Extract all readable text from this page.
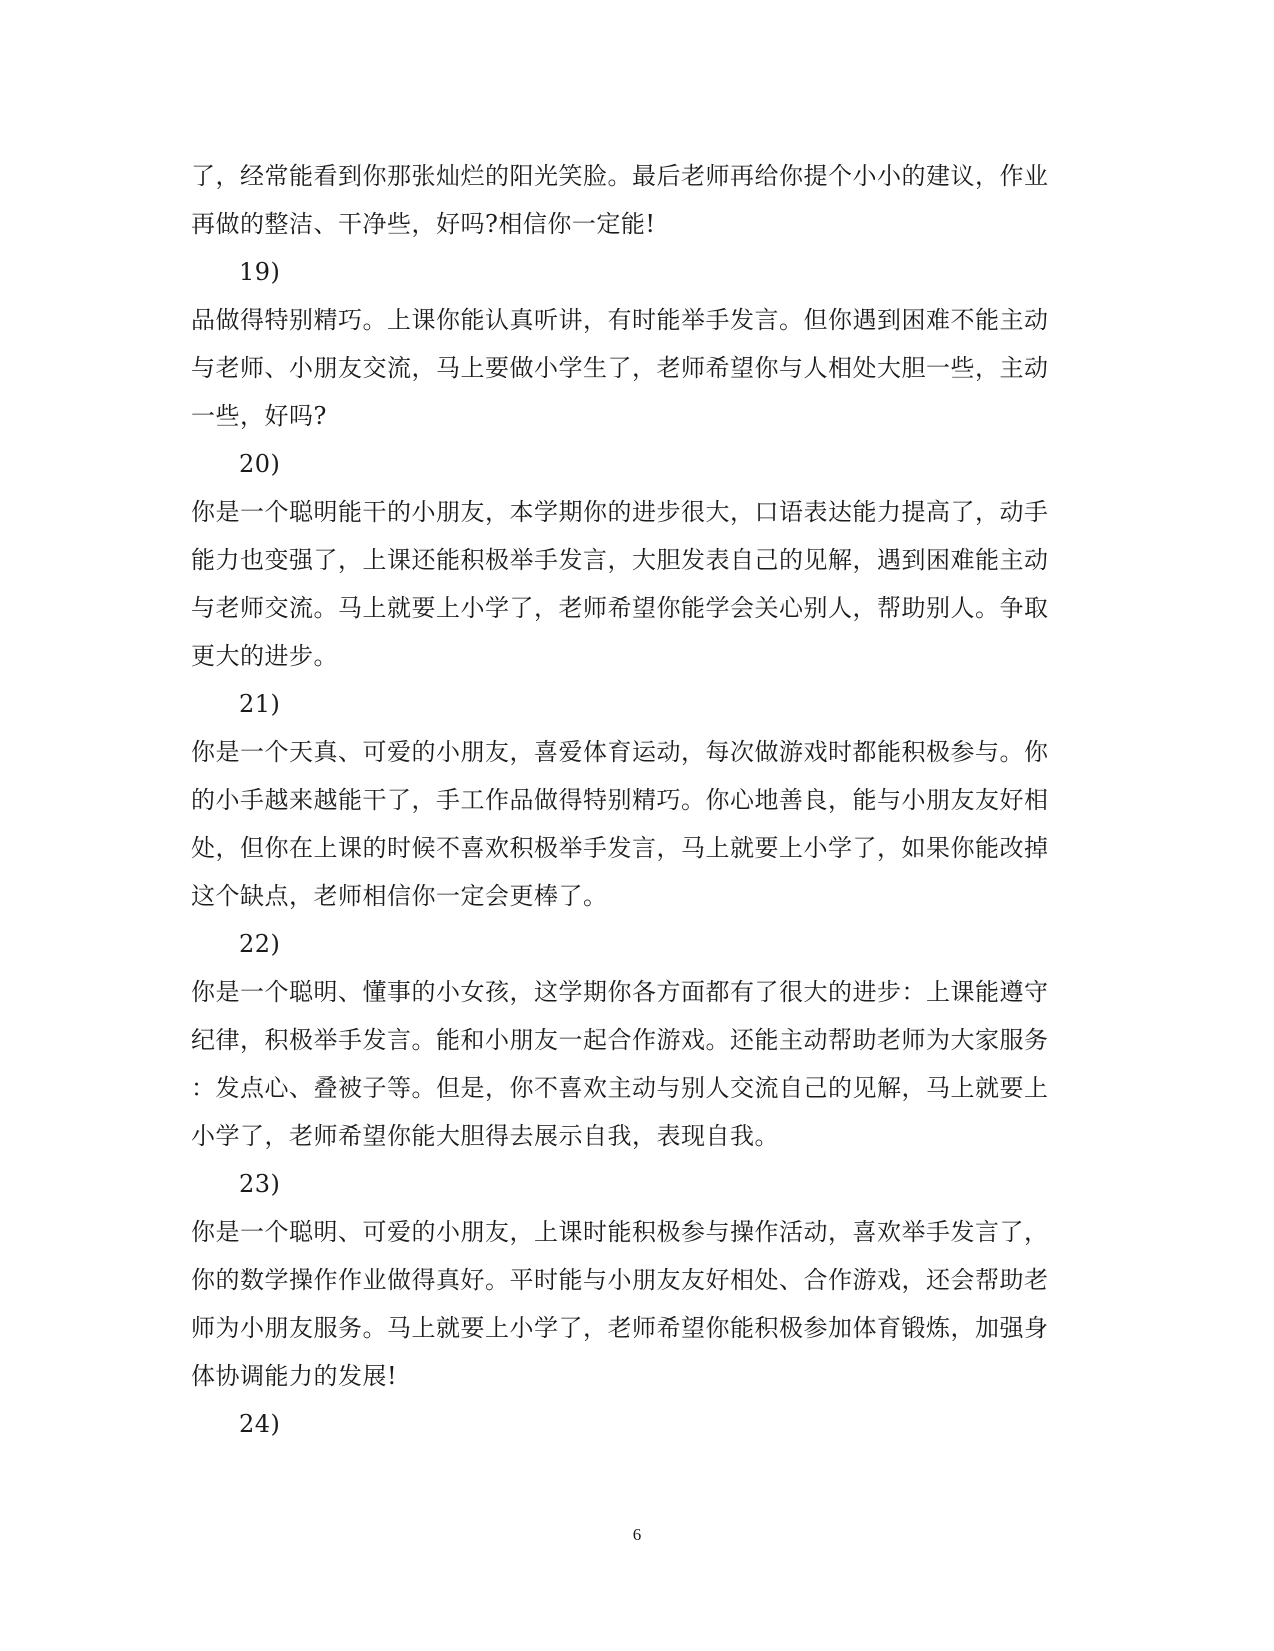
了，经常能看到你那张灿烂的阳光笑脸。最后老师再给你提个小小的建议，作业
再做的整洁、干净些，好吗?相信你一定能!
19)
品做得特别精巧。上课你能认真听讲，有时能举手发言。但你遇到困难不能主动
与老师、小朋友交流，马上要做小学生了，老师希望你与人相处大胆一些，主动
一些，好吗?
20)
你是一个聪明能干的小朋友，本学期你的进步很大，口语表达能力提高了，动手
能力也变强了，上课还能积极举手发言，大胆发表自己的见解，遇到困难能主动
与老师交流。马上就要上小学了，老师希望你能学会关心别人，帮助别人。争取
更大的进步。
21)
你是一个天真、可爱的小朋友，喜爱体育运动，每次做游戏时都能积极参与。你
的小手越来越能干了，手工作品做得特别精巧。你心地善良，能与小朋友友好相
处，但你在上课的时候不喜欢积极举手发言，马上就要上小学了，如果你能改掉
这个缺点，老师相信你一定会更棒了。
22)
你是一个聪明、懂事的小女孩，这学期你各方面都有了很大的进步：上课能遵守
纪律，积极举手发言。能和小朋友一起合作游戏。还能主动帮助老师为大家服务
：发点心、叠被子等。但是，你不喜欢主动与别人交流自己的见解，马上就要上
小学了，老师希望你能大胆得去展示自我，表现自我。
23)
你是一个聪明、可爱的小朋友，上课时能积极参与操作活动，喜欢举手发言了，
你的数学操作作业做得真好。平时能与小朋友友好相处、合作游戏，还会帮助老
师为小朋友服务。马上就要上小学了，老师希望你能积极参加体育锻炼，加强身
体协调能力的发展!
24)
6
